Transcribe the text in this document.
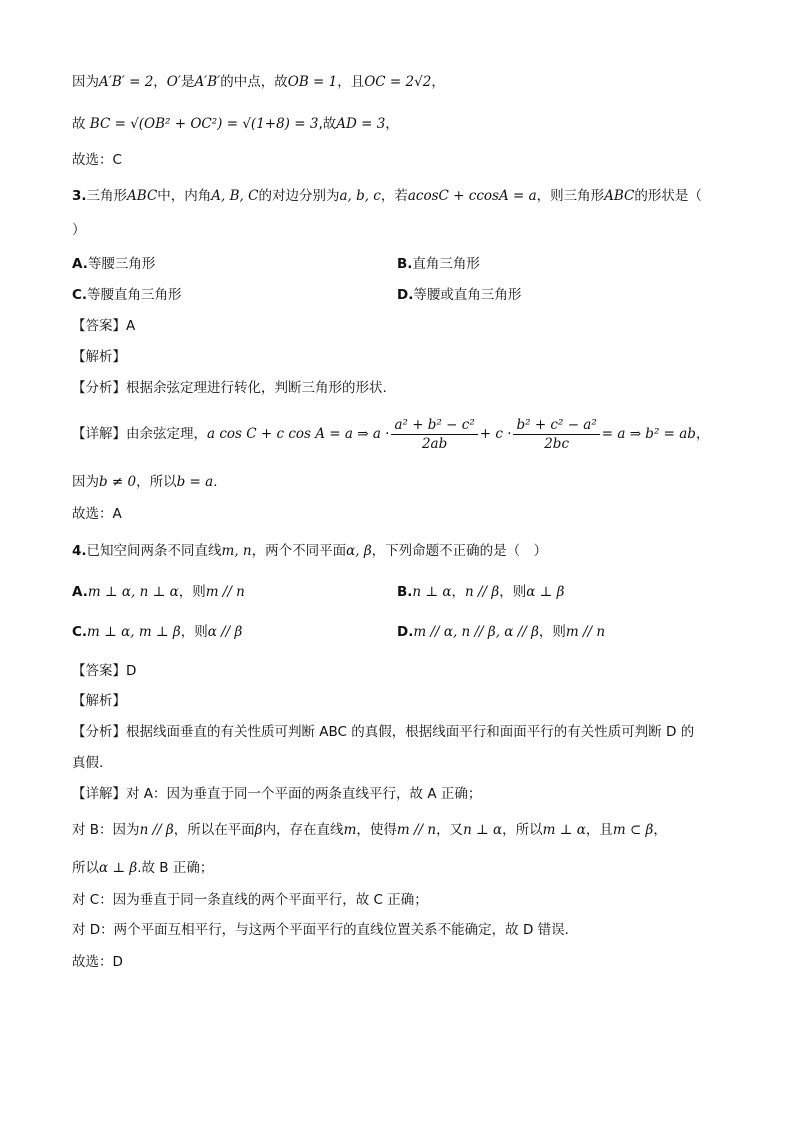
因为A′B′ = 2，O′是A′B′的中点，故OB = 1，且OC = 2√2，
故 BC = √(OB² + OC²) = √(1+8) = 3,故AD = 3，
故选：C
3.三角形ABC中，内角A, B, C的对边分别为a, b, c，若acosC + ccosA = a，则三角形ABC的形状是（
）
A.等腰三角形	B.直角三角形
C.等腰直角三角形	D.等腰或直角三角形
【答案】A
【解析】
【分析】根据余弦定理进行转化，判断三角形的形状.
【详解】由余弦定理，a cos C + c cos A = a ⇒ $a \cdot \frac{\text{a² + b² − c²}}{2ab} + c \cdot \frac{\text{b² + c² − a²}}{2bc} = a$ ⇒ b² = ab，
因为b ≠ 0，所以b = a.
故选：A
4.已知空间两条不同直线m, n，两个不同平面α, β，下列命题不正确的是（　）
A.m ⊥ α, n ⊥ α，则m // n	B.n ⊥ α，n // β，则α ⊥ β
C.m ⊥ α, m ⊥ β，则α // β	D.m // α, n // β, α // β，则m // n
【答案】D
【解析】
【分析】根据线面垂直的有关性质可判断 ABC 的真假，根据线面平行和面面平行的有关性质可判断 D 的
真假.
【详解】对 A：因为垂直于同一个平面的两条直线平行，故 A 正确；
对 B：因为n // β，所以在平面β内，存在直线m，使得m // n，又n ⊥ α，所以m ⊥ α，且m ⊂ β，
所以α ⊥ β.故 B 正确；
对 C：因为垂直于同一条直线的两个平面平行，故 C 正确；
对 D：两个平面互相平行，与这两个平面平行的直线位置关系不能确定，故 D 错误.
故选：D
